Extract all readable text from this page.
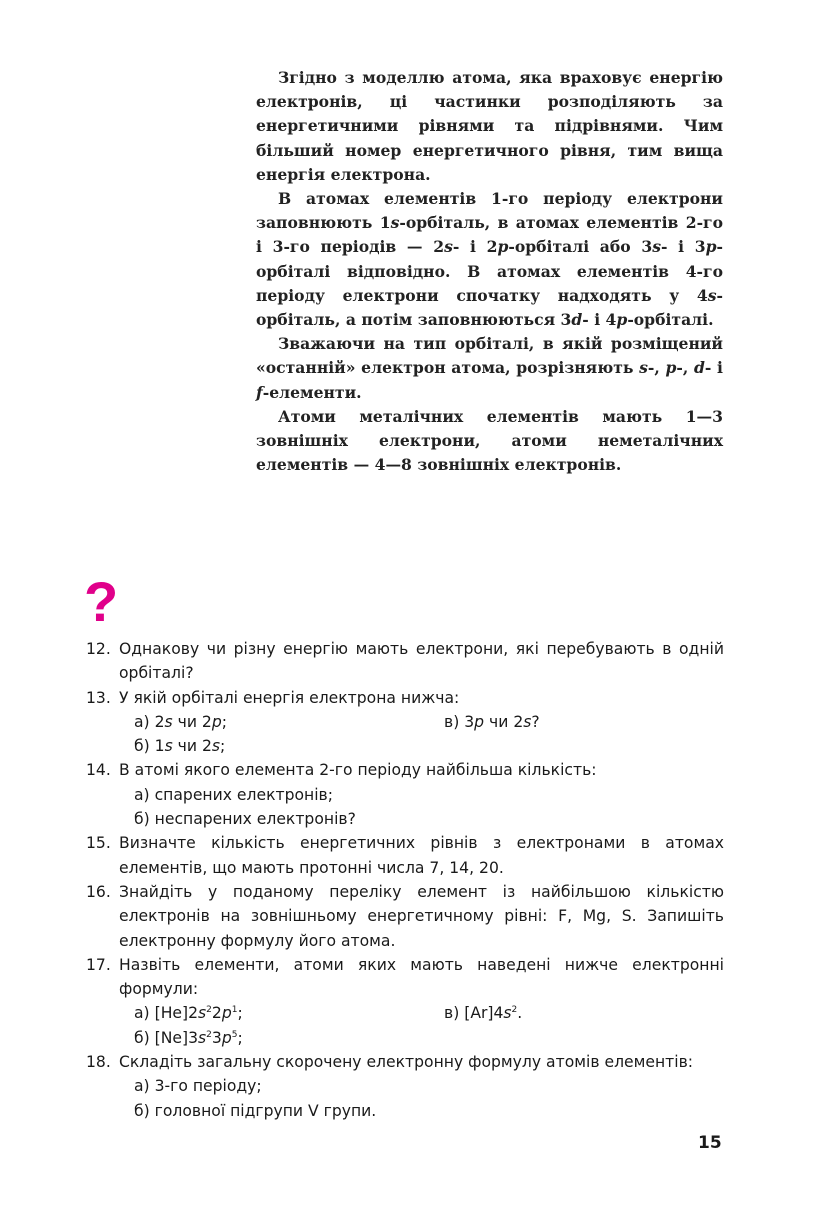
Згідно з моделлю атома, яка враховує енергію електронів, ці частинки розподіляють за енергетичними рівнями та підрівнями. Чим більший номер енергетичного рівня, тим вища енергія електрона.

В атомах елементів 1-го періоду електрони заповнюють 1s-орбіталь, в атомах елементів 2-го і 3-го періодів — 2s- і 2p-орбіталі або 3s- і 3p-орбіталі відповідно. В атомах елементів 4-го періоду електрони спочатку надходять у 4s-орбіталь, а потім заповнюються 3d- і 4p-орбіталі.

Зважаючи на тип орбіталі, в якій розміщений «останній» електрон атома, розрізняють s-, p-, d- і f-елементи.

Атоми металічних елементів мають 1—3 зовнішніх електрони, атоми неметалічних елементів — 4—8 зовнішніх електронів.

?
12. Однакову чи різну енергію мають електрони, які перебувають в одній орбіталі?
13. У якій орбіталі енергія електрона нижча:
а) 2s чи 2p;	в) 3p чи 2s?
б) 1s чи 2s;
14. В атомі якого елемента 2-го періоду найбільша кількість:
а) спарених електронів;
б) неспарених електронів?
15. Визначте кількість енергетичних рівнів з електронами в атомах елементів, що мають протонні числа 7, 14, 20.
16. Знайдіть у поданому переліку елемент із найбільшою кількістю електронів на зовнішньому енергетичному рівні: F, Mg, S. Запишіть електронну формулу його атома.
17. Назвіть елементи, атоми яких мають наведені нижче електронні формули:
а) $[He]2s^22p^1$;	в) $[Ar]4s^2$.
б) $[Ne]3s^23p^5$;
18. Складіть загальну скорочену електронну формулу атомів елементів:
а) 3-го періоду;
б) головної підгрупи V групи.
15
